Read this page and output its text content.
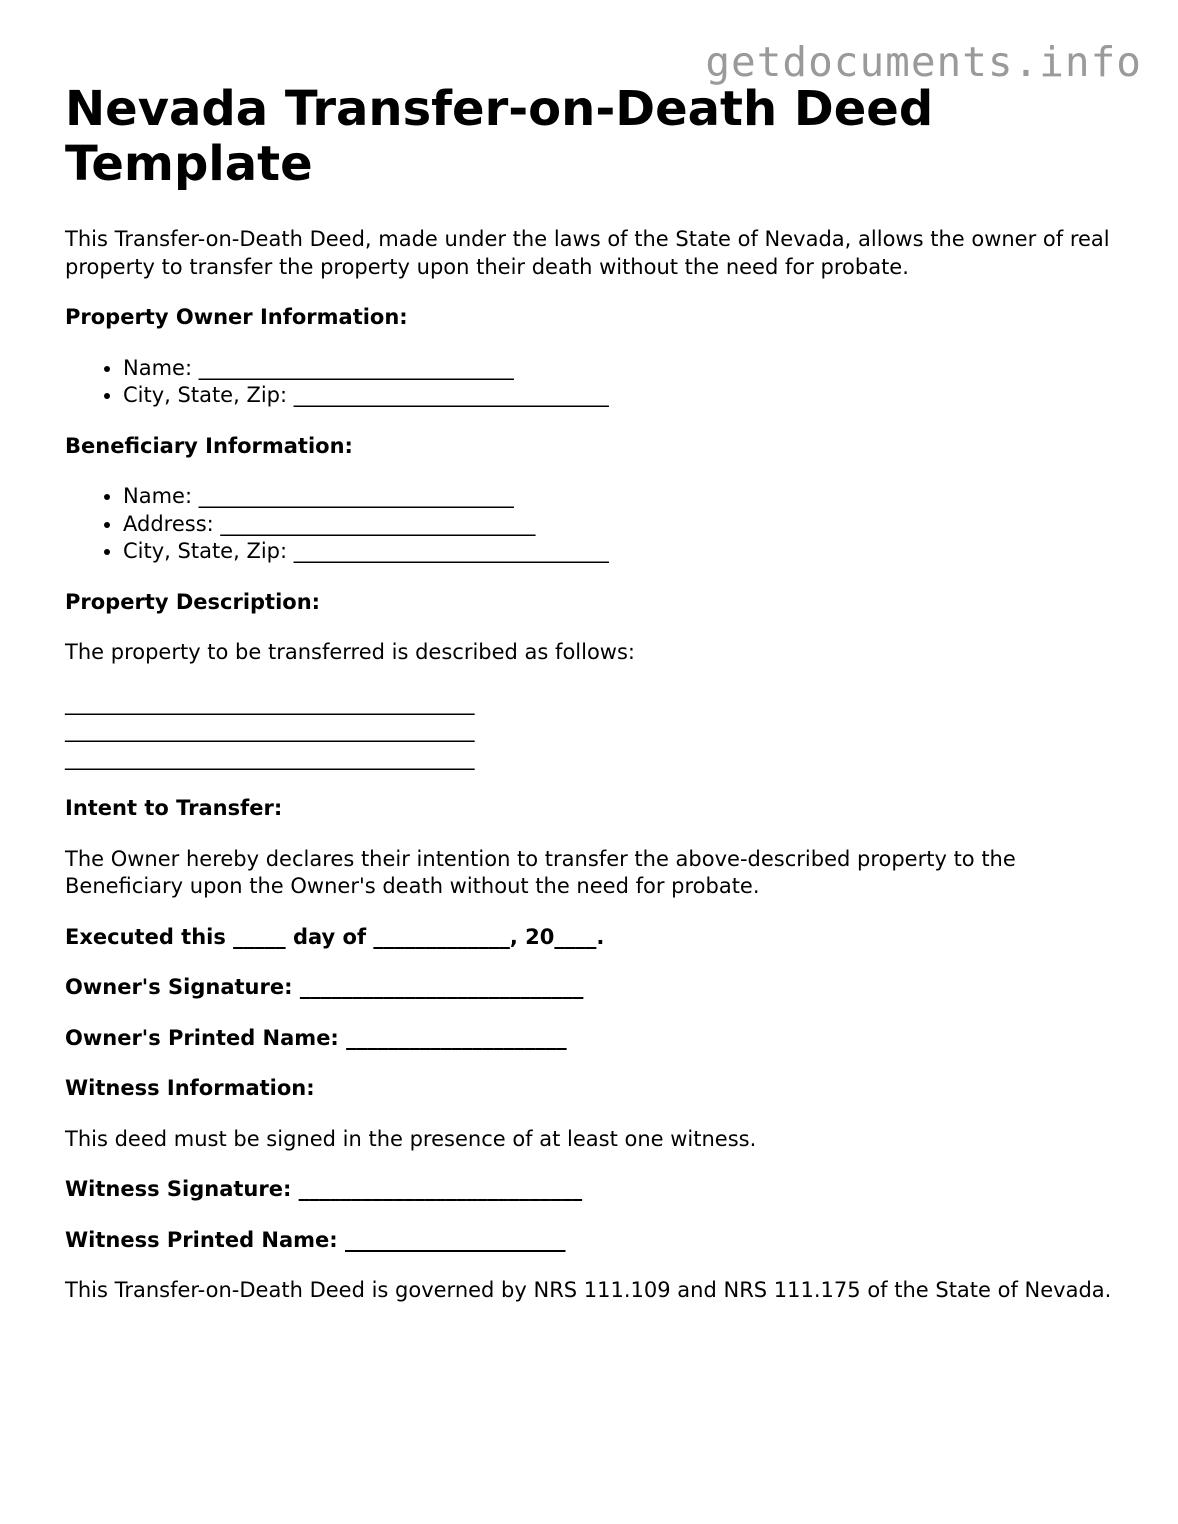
getdocuments.info
Nevada Transfer-on-Death Deed Template

This Transfer-on-Death Deed, made under the laws of the State of Nevada, allows the owner of real property to transfer the property upon their death without the need for probate.

Property Owner Information:

• Name: ______________________________
• City, State, Zip: ______________________________

Beneficiary Information:

• Name: ______________________________
• Address: ______________________________
• City, State, Zip: ______________________________

Property Description:

The property to be transferred is described as follows:

_______________________________________

_______________________________________

_______________________________________

Intent to Transfer:

The Owner hereby declares their intention to transfer the above-described property to the Beneficiary upon the Owner's death without the need for probate.

Executed this _____ day of _____________, 20____.

Owner's Signature: ___________________________

Owner's Printed Name: _____________________

Witness Information:

This deed must be signed in the presence of at least one witness.

Witness Signature: ___________________________

Witness Printed Name: _____________________

This Transfer-on-Death Deed is governed by NRS 111.109 and NRS 111.175 of the State of Nevada.
